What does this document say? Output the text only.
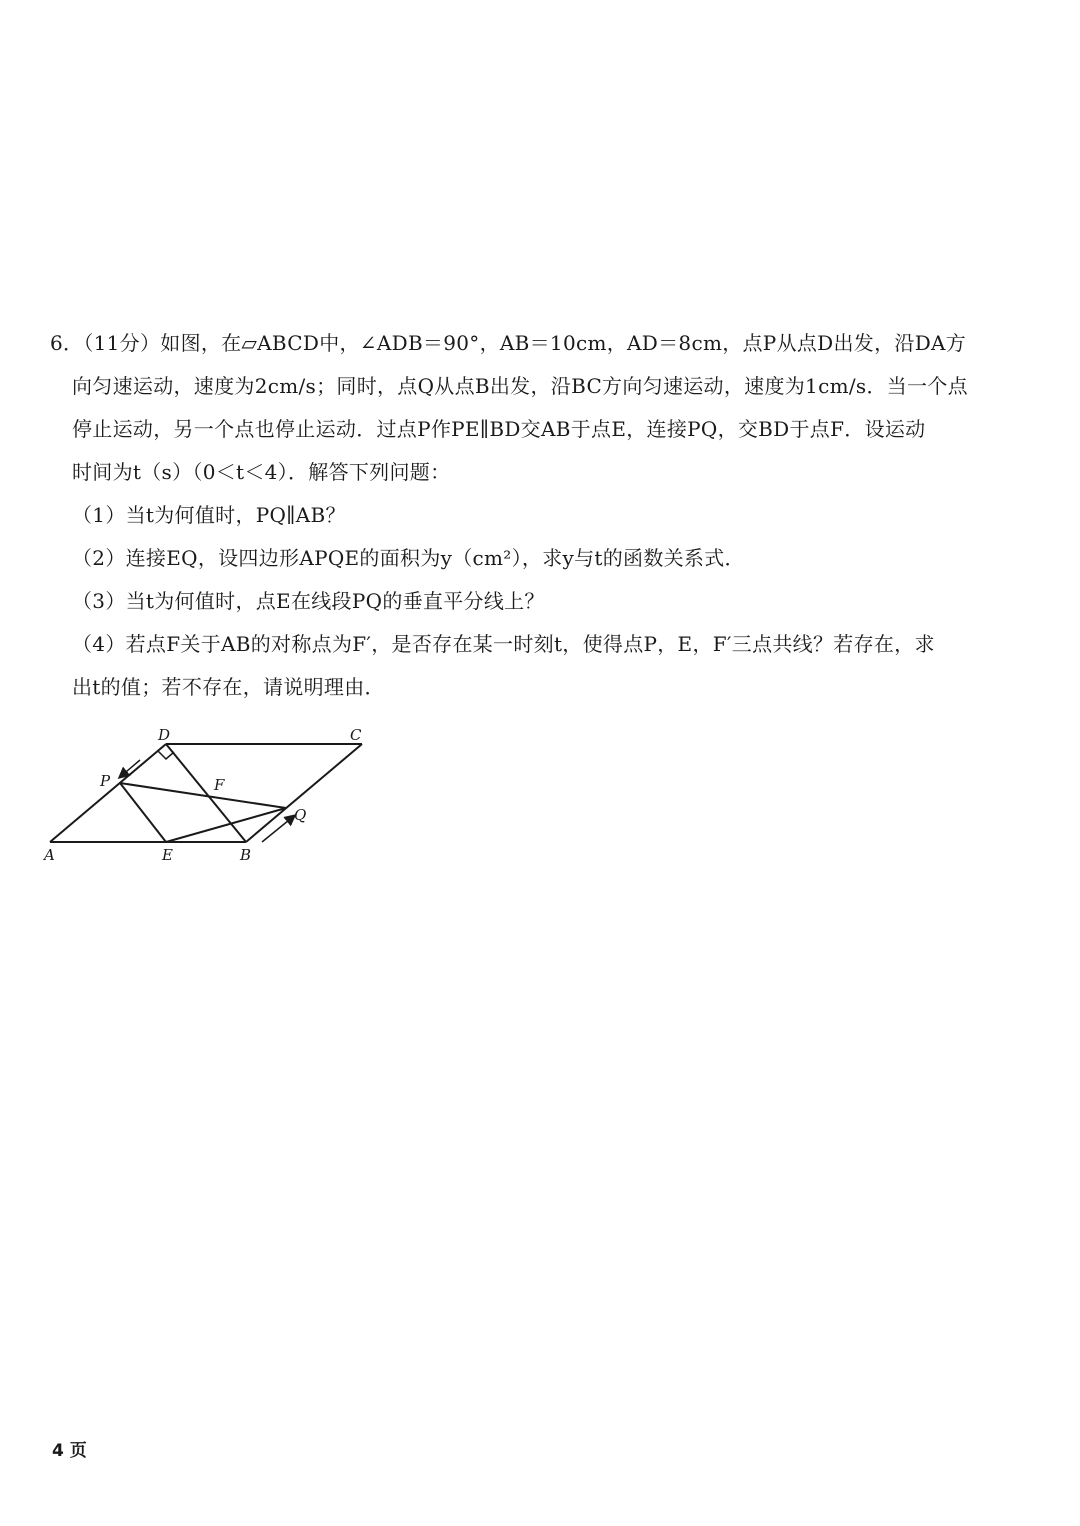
6．（11分）如图，在▱ABCD中，∠ADB＝90°，AB＝10cm，AD＝8cm，点P从点D出发，沿DA方

向匀速运动，速度为2cm/s；同时，点Q从点B出发，沿BC方向匀速运动，速度为1cm/s．当一个点

停止运动，另一个点也停止运动．过点P作PE∥BD交AB于点E，连接PQ，交BD于点F．设运动

时间为t（s）（0＜t＜4）．解答下列问题：

（1）当t为何值时，PQ∥AB？

（2）连接EQ，设四边形APQE的面积为y（cm²），求y与t的函数关系式．

（3）当t为何值时，点E在线段PQ的垂直平分线上？

（4）若点F关于AB的对称点为F′，是否存在某一时刻t，使得点P，E，F′三点共线？若存在，求

出t的值；若不存在，请说明理由．

D	C
P	F
Q
A	E	B
4 页
